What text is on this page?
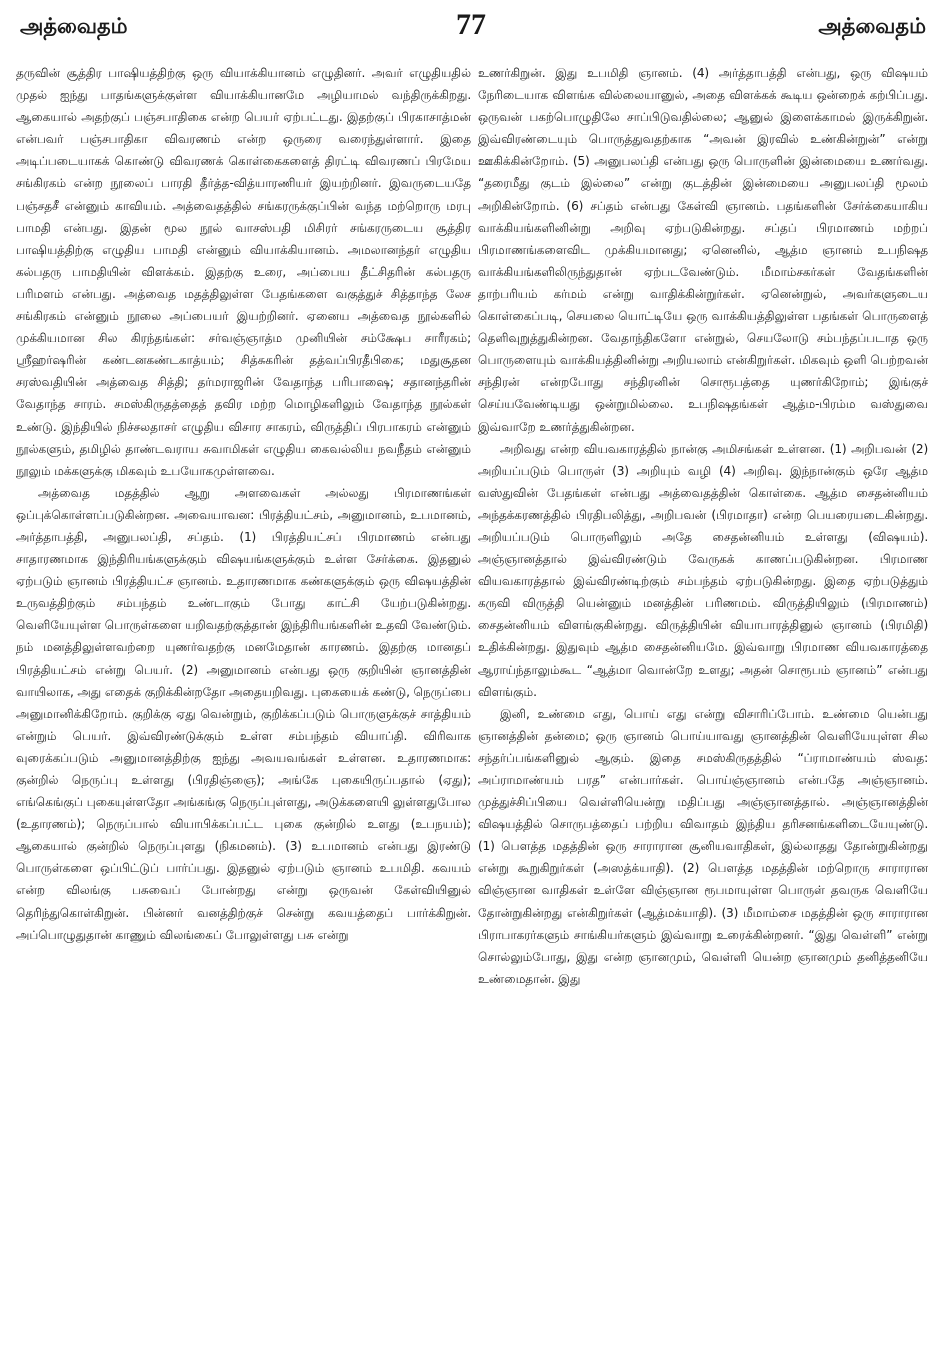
அத்வைதம்	77	அத்வைதம்

தருவின் சூத்திர பாஷியத்திற்கு ஒரு வியாக்கியானம் எழுதினர். அவர் எழுதியதில் முதல் ஐந்து பாதங்களுக்குள்ள வியாக்கியானமே அழியாமல் வந்திருக்கிறது. ஆகையால் அதற்குப் பஞ்சபாதிகை என்ற பெயர் ஏற்பட்டது. இதற்குப் பிரகாசாத்மன் என்பவர் பஞ்சபாதிகா விவரணம் என்ற ஒருரை வரைந்துள்ளார். இதை அடிப்படையாகக் கொண்டு விவரணக் கொள்கைகளைத் திரட்டி விவரணப் பிரமேய சங்கிரகம் என்ற நூலைப் பாரதி தீர்த்த-வித்யாரணியர் இயற்றினர். இவருடையதே பஞ்சதசீ என்னும் காவியம். அத்வைதத்தில் சங்கரருக்குப்பின் வந்த மற்றொரு மரபு பாமதி என்பது. இதன் மூல நூல் வாசஸ்பதி மிசிரர் சங்கரருடைய சூத்திர பாஷியத்திற்கு எழுதிய பாமதி என்னும் வியாக்கியானம். அமலானந்தர் எழுதிய கல்பதரு பாமதியின் விளக்கம். இதற்கு உரை, அப்பைய தீட்சிதரின் கல்பதரு பரிமளம் என்பது. அத்வைத மதத்திலுள்ள பேதங்களை வகுத்துச் சித்தாந்த லேச சங்கிரகம் என்னும் நூலை அப்பையர் இயற்றினர். ஏனைய அத்வைத நூல்களில் முக்கியமான சில கிரந்தங்கள்: சர்வஞ்ஞாத்ம முனியின் சம்க்ஷேப சாரீரகம்; ஸ்ரீஹர்ஷரின் கண்டனகண்டகாத்யம்; சித்சுகரின் தத்வப்பிரதீபிகை; மதுசூதன சரஸ்வதியின் அத்வைத சித்தி; தர்மராஜரின் வேதாந்த பரிபாஷை; சதானந்தரின் வேதாந்த சாரம். சமஸ்கிருதத்தைத் தவிர மற்ற மொழிகளிலும் வேதாந்த நூல்கள் உண்டு. இந்தியில் நிச்சலதாசர் எழுதிய விசார சாகரம், விருத்திப் பிரபாகரம் என்னும் நூல்களும், தமிழில் தாண்டவராய சுவாமிகள் எழுதிய கைவல்லிய நவநீதம் என்னும் நூலும் மக்களுக்கு மிகவும் உபயோகமுள்ளவை.

அத்வைத மதத்தில் ஆறு அளவைகள் அல்லது பிரமாணங்கள் ஒப்புக்கொள்ளப்படுகின்றன. அவையாவன: பிரத்தியட்சம், அனுமானம், உபமானம், அர்த்தாபத்தி, அனுபலப்தி, சப்தம். (1) பிரத்தியட்சப் பிரமாணம் என்பது சாதாரணமாக இந்திரியங்களுக்கும் விஷயங்களுக்கும் உள்ள சேர்க்கை. இதனுல் ஏற்படும் ஞானம் பிரத்தியட்ச ஞானம். உதாரணமாக கண்களுக்கும் ஒரு விஷயத்தின் உருவத்திற்கும் சம்பந்தம் உண்டாகும் போது காட்சி யேற்படுகின்றது. வெளியேயுள்ள பொருள்களை யறிவதற்குத்தான் இந்திரியங்களின் உதவி வேண்டும். நம் மனத்திலுள்ளவற்றை யுணர்வதற்கு மனமேதான் காரணம். இதற்கு மானதப் பிரத்தியட்சம் என்று பெயர். (2) அனுமானம் என்பது ஒரு குறியின் ஞானத்தின் வாயிலாக, அது எதைக் குறிக்கின்றதோ அதையறிவது. புகையைக் கண்டு, நெருப்பை அனுமானிக்கிறோம். குறிக்கு ஏது வென்றும், குறிக்கப்படும் பொருளுக்குச் சாத்தியம் என்றும் பெயர். இவ்விரண்டுக்கும் உள்ள சம்பந்தம் வியாப்தி. விரிவாக வுரைக்கப்படும் அனுமானத்திற்கு ஐந்து அவயவங்கள் உள்ளன. உதாரணமாக: குன்றில் நெருப்பு உள்ளது (பிரதிஞ்ஞை); அங்கே புகையிருப்பதால் (ஏது); எங்கெங்குப் புகையுள்ளதோ அங்கங்கு நெருப்புள்ளது, அடுக்களையி லுள்ளதுபோல (உதாரணம்); நெருப்பால் வியாபிக்கப்பட்ட புகை குன்றில் உளது (உபநயம்); ஆகையால் குன்றில் நெருப்புளது (நிகமனம்). (3) உபமானம் என்பது இரண்டு பொருள்களை ஒப்பிட்டுப் பார்ப்பது. இதனுல் ஏற்படும் ஞானம் உபமிதி. கவயம் என்ற விலங்கு பசுவைப் போன்றது என்று ஒருவன் கேள்வியினுல் தெரிந்துகொள்கிறுன். பின்னர் வனத்திற்குச் சென்று கவயத்தைப் பார்க்கிறுன். அப்பொழுதுதான் காணும் விலங்கைப் போலுள்ளது பசு என்று

உணர்கிறுன். இது உபமிதி ஞானம். (4) அர்த்தாபத்தி என்பது, ஒரு விஷயம் நேரிடையாக விளங்க வில்லையானுல், அதை விளக்கக் கூடிய ஒன்றைக் கற்பிப்பது. ஒருவன் பகற்பொழுதிலே சாப்பிடுவதில்லை; ஆனுல் இளைக்காமல் இருக்கிறுன். இவ்விரண்டையும் பொருத்துவதற்காக “அவன் இரவில் உண்கின்றுன்” என்று ஊகிக்கின்றோம். (5) அனுபலப்தி என்பது ஒரு பொருளின் இன்மையை உணர்வது. “தரைமீது குடம் இல்லை” என்று குடத்தின் இன்மையை அனுபலப்தி மூலம் அறிகின்றோம். (6) சப்தம் என்பது கேள்வி ஞானம். பதங்களின் சேர்க்கையாகிய வாக்கியங்களினின்று அறிவு ஏற்படுகின்றது. சப்தப் பிரமாணம் மற்றப் பிரமாணங்களைவிட முக்கியமானது; ஏனெனில், ஆத்ம ஞானம் உபநிஷத வாக்கியங்களிலிருந்துதான் ஏற்படவேண்டும். மீமாம்சகர்கள் வேதங்களின் தாற்பரியம் கர்மம் என்று வாதிக்கின்றுர்கள். ஏனென்றுல், அவர்களுடைய கொள்கைப்படி, செயலை யொட்டியே ஒரு வாக்கியத்திலுள்ள பதங்கள் பொருளைத் தெளிவுறுத்துகின்றன. வேதாந்திகளோ என்றுல், செயலோடு சம்பந்தப்படாத ஒரு பொருளையும் வாக்கியத்தினின்று அறியலாம் என்கிறுர்கள். மிகவும் ஒளி பெற்றவன் சந்திரன் என்றபோது சந்திரனின் சொரூபத்தை யுணர்கிறோம்; இங்குச் செய்யவேண்டியது ஒன்றுமில்லை. உபநிஷதங்கள் ஆத்ம-பிரம்ம வஸ்துவை இவ்வாறே உணர்த்துகின்றன.

அறிவது என்ற வியவகாரத்தில் நான்கு அமிசங்கள் உள்ளன. (1) அறிபவன் (2) அறியப்படும் பொருள் (3) அறியும் வழி (4) அறிவு. இந்நான்கும் ஒரே ஆத்ம வஸ்துவின் பேதங்கள் என்பது அத்வைதத்தின் கொள்கை. ஆத்ம சைதன்னியம் அந்தக்கரணத்தில் பிரதிபலித்து, அறிபவன் (பிரமாதா) என்ற பெயரையடைகின்றது. அறியப்படும் பொருளிலும் அதே சைதன்னியம் உள்ளது (விஷயம்). அஞ்ஞானத்தால் இவ்விரண்டும் வேருகக் காணப்படுகின்றன. பிரமாண வியவகாரத்தால் இவ்விரண்டிற்கும் சம்பந்தம் ஏற்படுகின்றது. இதை ஏற்படுத்தும் கருவி விருத்தி யென்னும் மனத்தின் பரிணமம். விருத்தியிலும் (பிரமாணம்) சைதன்னியம் விளங்குகின்றது. விருத்தியின் வியாபாரத்தினுல் ஞானம் (பிரமிதி) உதிக்கின்றது. இதுவும் ஆத்ம சைதன்னியமே. இவ்வாறு பிரமாண வியவகாரத்தை ஆராய்ந்தாலும்கூட “ஆத்மா வொன்றே உளது; அதன் சொரூபம் ஞானம்” என்பது விளங்கும்.

இனி, உண்மை எது, பொய் எது என்று விசாரிப்போம். உண்மை யென்பது ஞானத்தின் தன்மை; ஒரு ஞானம் பொய்யாவது ஞானத்தின் வெளியேயுள்ள சில சந்தர்ப்பங்களினுல் ஆகும். இதை சமஸ்கிருதத்தில் “ப்ராமாண்யம் ஸ்வத: அப்ராமாண்யம் பரத” என்பார்கள். பொய்ஞ்ஞானம் என்பதே அஞ்ஞானம். முத்துச்சிப்பியை வெள்ளியென்று மதிப்பது அஞ்ஞானத்தால். அஞ்ஞானத்தின் விஷயத்தில் சொருபத்தைப் பற்றிய விவாதம் இந்திய தரிசனங்களிடையேயுண்டு. (1) பௌத்த மதத்தின் ஒரு சாராரான சூனியவாதிகள், இல்லாதது தோன்றுகின்றது என்று கூறுகிறுர்கள் (அஸத்க்யாதி). (2) பௌத்த மதத்தின் மற்றொரு சாராரான விஞ்ஞான வாதிகள் உள்ளே விஞ்ஞான ரூபமாயுள்ள பொருள் தவருக வெளியே தோன்றுகின்றது என்கிறுர்கள் (ஆத்மக்யாதி). (3) மீமாம்சை மதத்தின் ஒரு சாராரான பிராபாகரர்களும் சாங்கியர்களும் இவ்வாறு உரைக்கின்றனர். “இது வெள்ளி” என்று சொல்லும்போது, இது என்ற ஞானமும், வெள்ளி யென்ற ஞானமும் தனித்தனியே உண்மைதான். இது
